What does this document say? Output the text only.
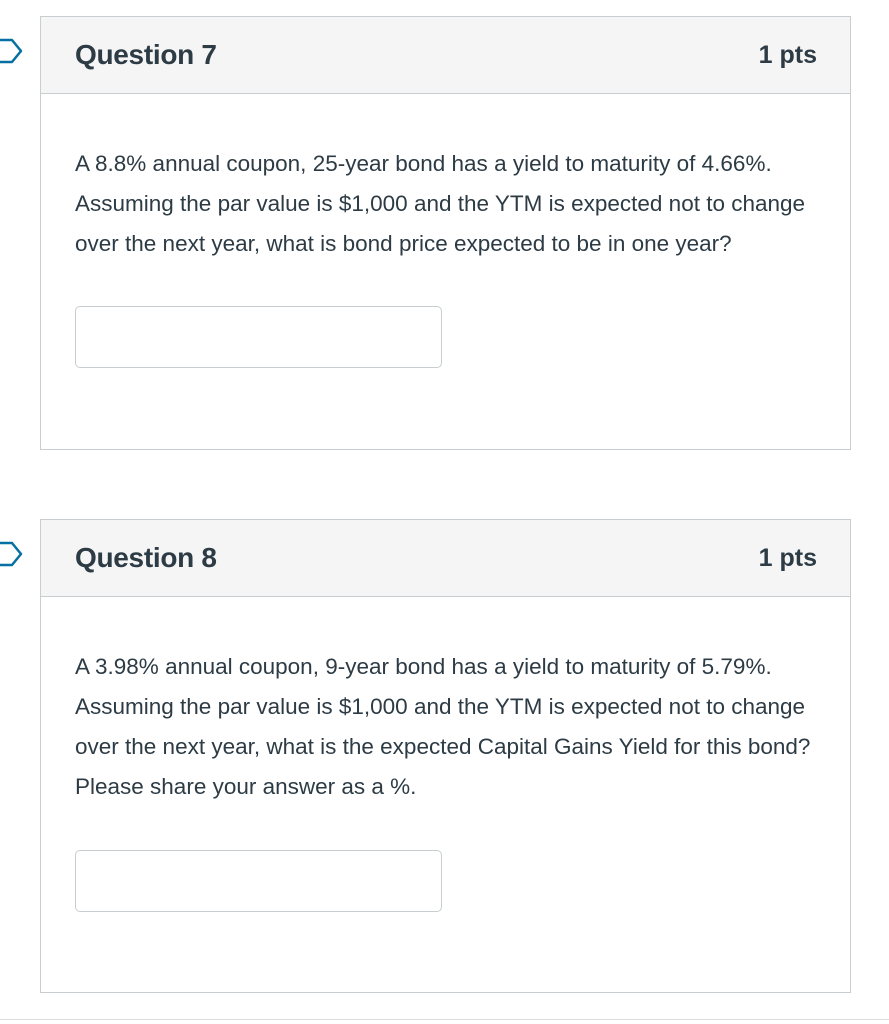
Question 7	1 pts

A 8.8% annual coupon, 25-year bond has a yield to maturity of 4.66%. Assuming the par value is $1,000 and the YTM is expected not to change over the next year, what is bond price expected to be in one year?

Question 8	1 pts

A 3.98% annual coupon, 9-year bond has a yield to maturity of 5.79%. Assuming the par value is $1,000 and the YTM is expected not to change over the next year, what is the expected Capital Gains Yield for this bond? Please share your answer as a %.
